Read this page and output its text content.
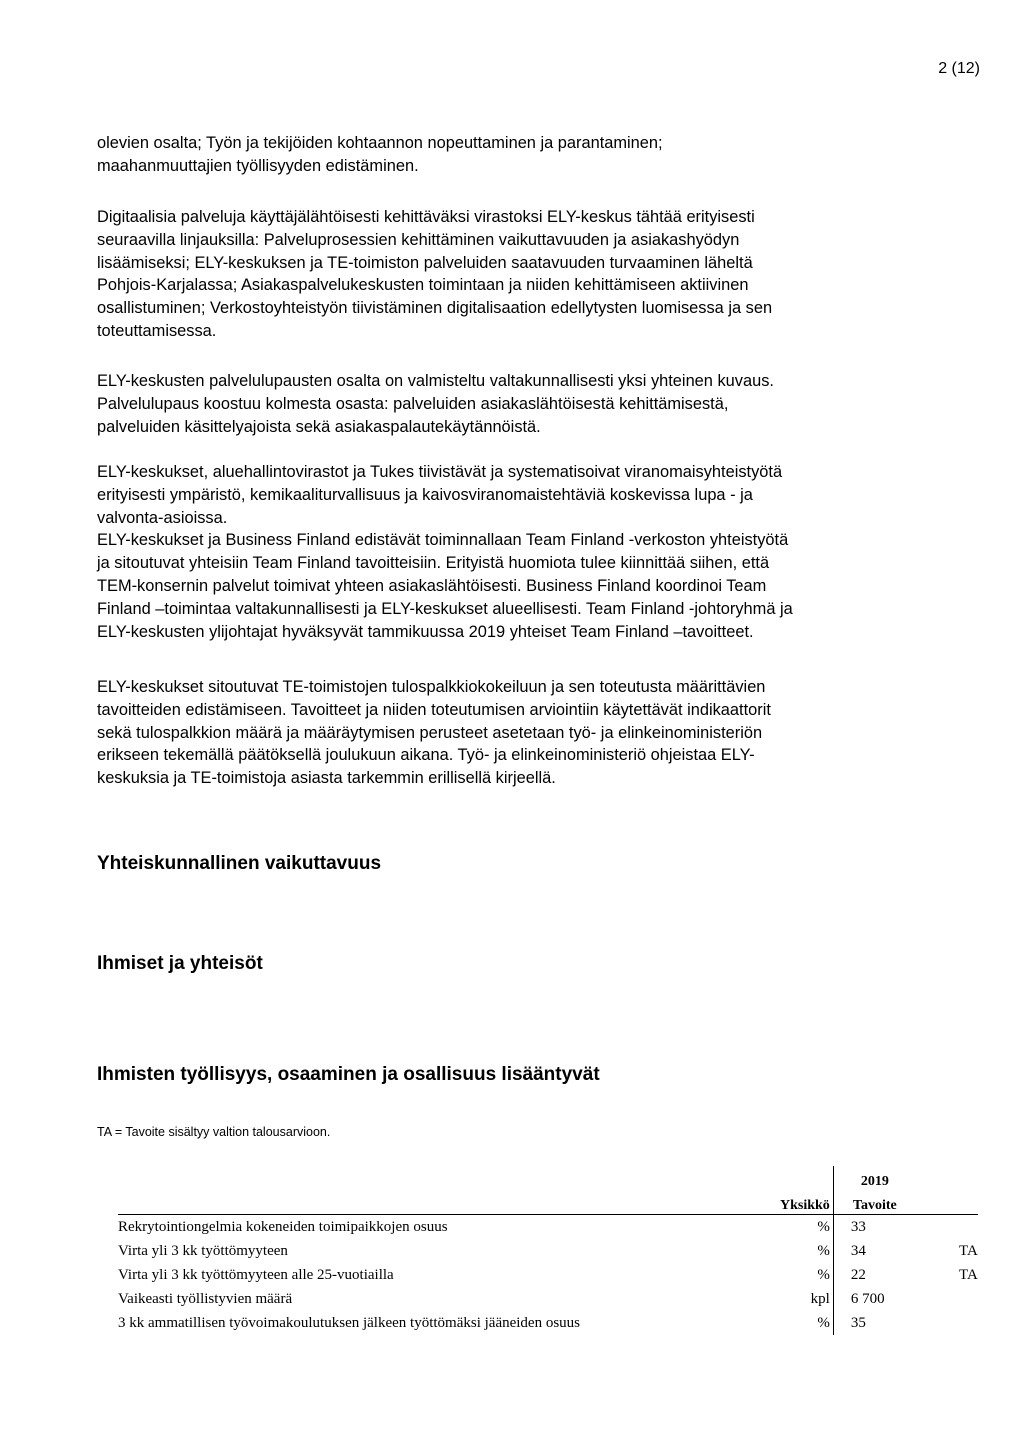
2 (12)

olevien osalta; Työn ja tekijöiden kohtaannon nopeuttaminen ja parantaminen;
maahanmuuttajien työllisyyden edistäminen.

Digitaalisia palveluja käyttäjälähtöisesti kehittäväksi virastoksi ELY-keskus tähtää erityisesti
seuraavilla linjauksilla: Palveluprosessien kehittäminen vaikuttavuuden ja asiakashyödyn
lisäämiseksi; ELY-keskuksen ja TE-toimiston palveluiden saatavuuden turvaaminen läheltä
Pohjois-Karjalassa; Asiakaspalvelukeskusten toimintaan ja niiden kehittämiseen aktiivinen
osallistuminen; Verkostoyhteistyön tiivistäminen digitalisaation edellytysten luomisessa ja sen
toteuttamisessa.

ELY-keskusten palvelulupausten osalta on valmisteltu valtakunnallisesti yksi yhteinen kuvaus.
Palvelulupaus koostuu kolmesta osasta: palveluiden asiakaslähtöisestä kehittämisestä,
palveluiden käsittelyajoista sekä asiakaspalautekäytännöistä.

ELY-keskukset, aluehallintovirastot ja Tukes tiivistävät ja systematisoivat viranomaisyhteistyötä
erityisesti ympäristö, kemikaaliturvallisuus ja kaivosviranomaistehtäviä koskevissa lupa - ja
valvonta-asioissa.
ELY-keskukset ja Business Finland edistävät toiminnallaan Team Finland -verkoston yhteistyötä
ja sitoutuvat yhteisiin Team Finland tavoitteisiin. Erityistä huomiota tulee kiinnittää siihen, että
TEM-konsernin palvelut toimivat yhteen asiakaslähtöisesti. Business Finland koordinoi Team
Finland –toimintaa valtakunnallisesti ja ELY-keskukset alueellisesti. Team Finland -johtoryhmä ja
ELY-keskusten ylijohtajat hyväksyvät tammikuussa 2019 yhteiset Team Finland –tavoitteet.

ELY-keskukset sitoutuvat TE-toimistojen tulospalkkiokokeiluun ja sen toteutusta määrittävien
tavoitteiden edistämiseen. Tavoitteet ja niiden toteutumisen arviointiin käytettävät indikaattorit
sekä tulospalkkion määrä ja määräytymisen perusteet asetetaan työ- ja elinkeinoministeriön
erikseen tekemällä päätöksellä joulukuun aikana. Työ- ja elinkeinoministeriö ohjeistaa ELY-
keskuksia ja TE-toimistoja asiasta tarkemmin erillisellä kirjeellä.

Yhteiskunnallinen vaikuttavuus
Ihmiset ja yhteisöt
Ihmisten työllisyys, osaaminen ja osallisuus lisääntyvät
TA = Tavoite sisältyy valtion talousarvioon.
		2019	
	Yksikkö	Tavoite	
Rekrytointiongelmia kokeneiden toimipaikkojen osuus	%	33	
Virta yli 3 kk työttömyyteen	%	34	TA
Virta yli 3 kk työttömyyteen alle 25-vuotiailla	%	22	TA
Vaikeasti työllistyvien määrä	kpl	6 700	
3 kk ammatillisen työvoimakoulutuksen jälkeen työttömäksi jääneiden osuus	%	35	
